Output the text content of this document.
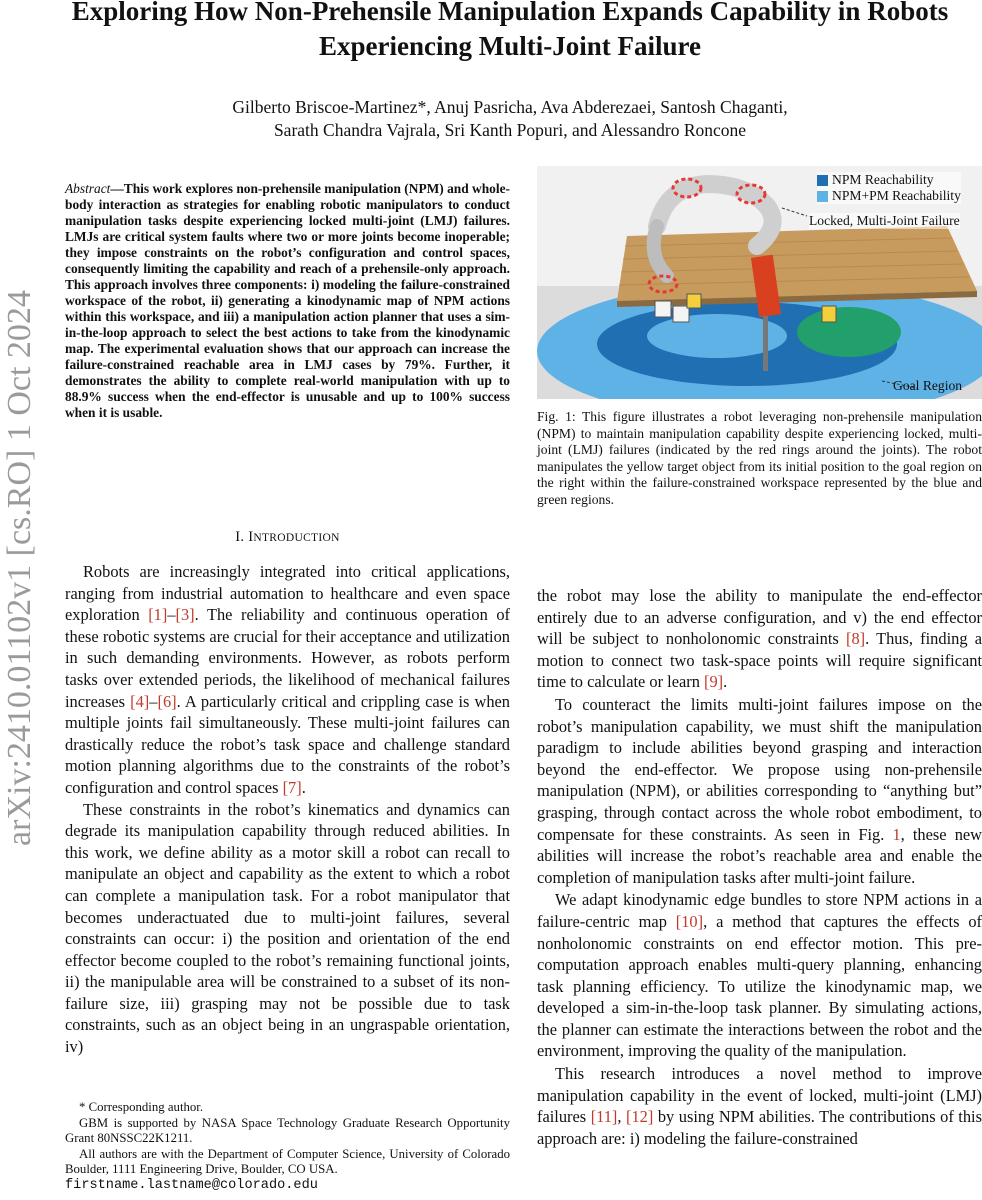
Exploring How Non-Prehensile Manipulation Expands Capability in Robots Experiencing Multi-Joint Failure
Gilberto Briscoe-Martinez*, Anuj Pasricha, Ava Abderezaei, Santosh Chaganti,
Sarath Chandra Vajrala, Sri Kanth Popuri, and Alessandro Roncone
arXiv:2410.01102v1 [cs.RO] 1 Oct 2024

Abstract—This work explores non-prehensile manipulation (NPM) and whole-body interaction as strategies for enabling robotic manipulators to conduct manipulation tasks despite experiencing locked multi-joint (LMJ) failures. LMJs are critical system faults where two or more joints become inoperable; they impose constraints on the robot’s configuration and control spaces, consequently limiting the capability and reach of a prehensile-only approach. This approach involves three components: i) modeling the failure-constrained workspace of the robot, ii) generating a kinodynamic map of NPM actions within this workspace, and iii) a manipulation action planner that uses a sim-in-the-loop approach to select the best actions to take from the kinodynamic map. The experimental evaluation shows that our approach can increase the failure-constrained reachable area in LMJ cases by 79%. Further, it demonstrates the ability to complete real-world manipulation with up to 88.9% success when the end-effector is unusable and up to 100% success when it is usable.

I. INTRODUCTION

Robots are increasingly integrated into critical applications, ranging from industrial automation to healthcare and even space exploration [1]–[3]. The reliability and continuous operation of these robotic systems are crucial for their acceptance and utilization in such demanding environments. However, as robots perform tasks over extended periods, the likelihood of mechanical failures increases [4]–[6]. A particularly critical and crippling case is when multiple joints fail simultaneously. These multi-joint failures can drastically reduce the robot’s task space and challenge standard motion planning algorithms due to the constraints of the robot’s configuration and control spaces [7].

These constraints in the robot’s kinematics and dynamics can degrade its manipulation capability through reduced abilities. In this work, we define ability as a motor skill a robot can recall to manipulate an object and capability as the extent to which a robot can complete a manipulation task. For a robot manipulator that becomes underactuated due to multi-joint failures, several constraints can occur: i) the position and orientation of the end effector become coupled to the robot’s remaining functional joints, ii) the manipulable area will be constrained to a subset of its non-failure size, iii) grasping may not be possible due to task constraints, such as an object being in an ungraspable orientation, iv)

* Corresponding author.

GBM is supported by NASA Space Technology Graduate Research Opportunity Grant 80NSSC22K1211.

All authors are with the Department of Computer Science, University of Colorado Boulder, 1111 Engineering Drive, Boulder, CO USA.

firstname.lastname@colorado.edu

NPM Reachability
NPM+PM Reachability
Locked, Multi-Joint Failure
Goal Region
Fig. 1: This figure illustrates a robot leveraging non-prehensile manipulation (NPM) to maintain manipulation capability despite experiencing locked, multi-joint (LMJ) failures (indicated by the red rings around the joints). The robot manipulates the yellow target object from its initial position to the goal region on the right within the failure-constrained workspace represented by the blue and green regions.

the robot may lose the ability to manipulate the end-effector entirely due to an adverse configuration, and v) the end effector will be subject to nonholonomic constraints [8]. Thus, finding a motion to connect two task-space points will require significant time to calculate or learn [9].

To counteract the limits multi-joint failures impose on the robot’s manipulation capability, we must shift the manipulation paradigm to include abilities beyond grasping and interaction beyond the end-effector. We propose using non-prehensile manipulation (NPM), or abilities corresponding to “anything but” grasping, through contact across the whole robot embodiment, to compensate for these constraints. As seen in Fig. 1, these new abilities will increase the robot’s reachable area and enable the completion of manipulation tasks after multi-joint failure.

We adapt kinodynamic edge bundles to store NPM actions in a failure-centric map [10], a method that captures the effects of nonholonomic constraints on end effector motion. This pre-computation approach enables multi-query planning, enhancing task planning efficiency. To utilize the kinodynamic map, we developed a sim-in-the-loop task planner. By simulating actions, the planner can estimate the interactions between the robot and the environment, improving the quality of the manipulation.

This research introduces a novel method to improve manipulation capability in the event of locked, multi-joint (LMJ) failures [11], [12] by using NPM abilities. The contributions of this approach are: i) modeling the failure-constrained
